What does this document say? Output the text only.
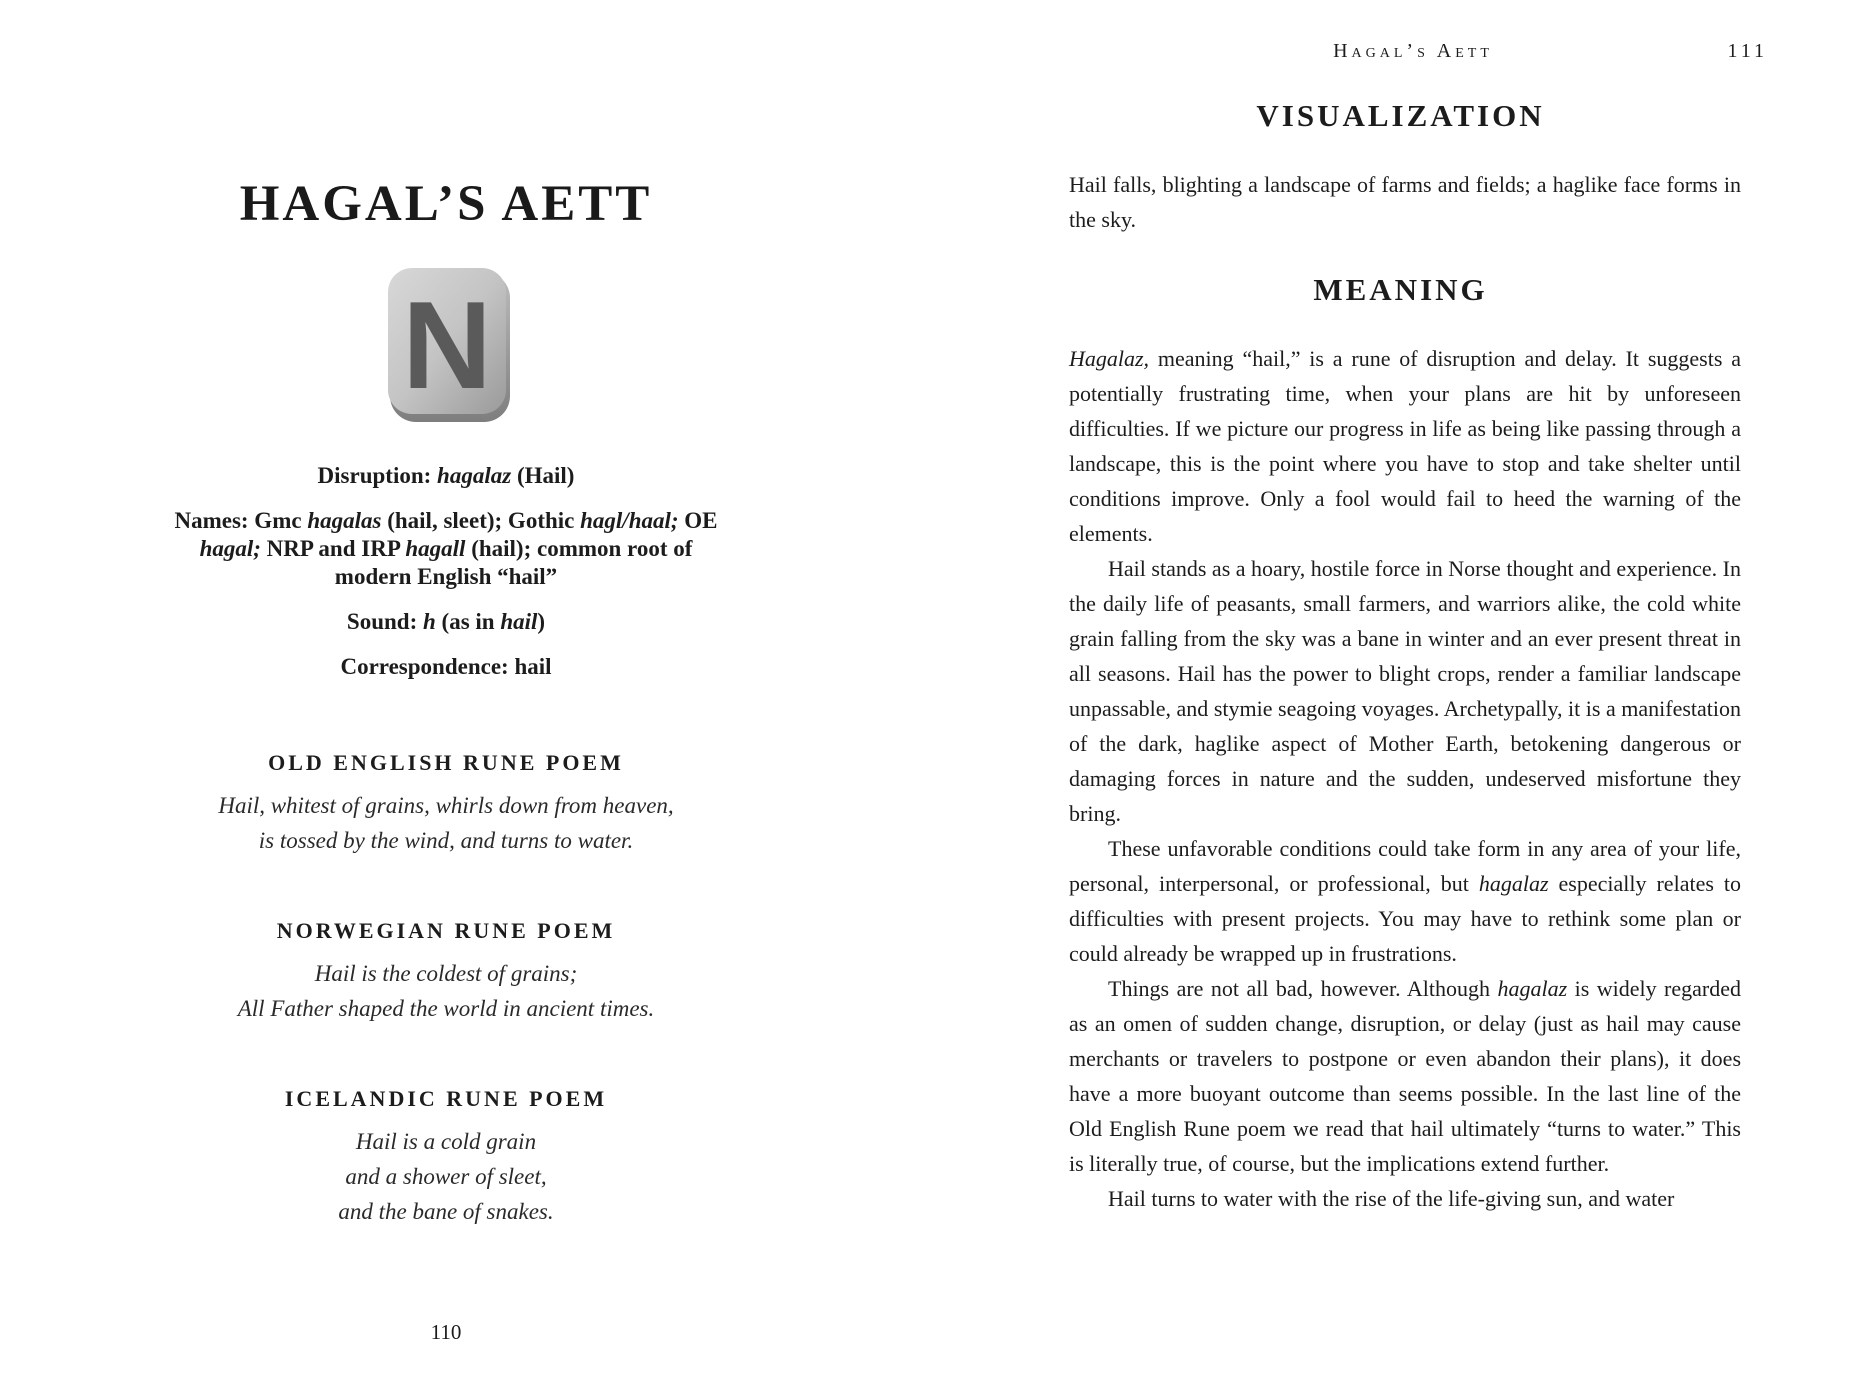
HAGAL’S AETT
N

Disruption: hagalaz (Hail)

Names: Gmc hagalas (hail, sleet); Gothic hagl/haal; OE hagal; NRP and IRP hagall (hail); common root of modern English “hail”

Sound: h (as in hail)

Correspondence: hail

OLD ENGLISH RUNE POEM
Hail, whitest of grains, whirls down from heaven,
is tossed by the wind, and turns to water.
NORWEGIAN RUNE POEM
Hail is the coldest of grains;
All Father shaped the world in ancient times.
ICELANDIC RUNE POEM
Hail is a cold grain
and a shower of sleet,
and the bane of snakes.
110
Hagal’s Aett	111
VISUALIZATION

Hail falls, blighting a landscape of farms and fields; a haglike face forms in the sky.

MEANING

Hagalaz, meaning “hail,” is a rune of disruption and delay. It suggests a potentially frustrating time, when your plans are hit by unforeseen difficulties. If we picture our progress in life as being like passing through a landscape, this is the point where you have to stop and take shelter until conditions improve. Only a fool would fail to heed the warning of the elements.

Hail stands as a hoary, hostile force in Norse thought and experience. In the daily life of peasants, small farmers, and warriors alike, the cold white grain falling from the sky was a bane in winter and an ever present threat in all seasons. Hail has the power to blight crops, render a familiar landscape unpassable, and stymie seagoing voyages. Archetypally, it is a manifestation of the dark, haglike aspect of Mother Earth, betokening dangerous or damaging forces in nature and the sudden, undeserved misfortune they bring.

These unfavorable conditions could take form in any area of your life, personal, interpersonal, or professional, but hagalaz especially relates to difficulties with present projects. You may have to rethink some plan or could already be wrapped up in frustrations.

Things are not all bad, however. Although hagalaz is widely regarded as an omen of sudden change, disruption, or delay (just as hail may cause merchants or travelers to postpone or even abandon their plans), it does have a more buoyant outcome than seems possible. In the last line of the Old English Rune poem we read that hail ultimately “turns to water.” This is literally true, of course, but the implications extend further.

Hail turns to water with the rise of the life-giving sun, and water
